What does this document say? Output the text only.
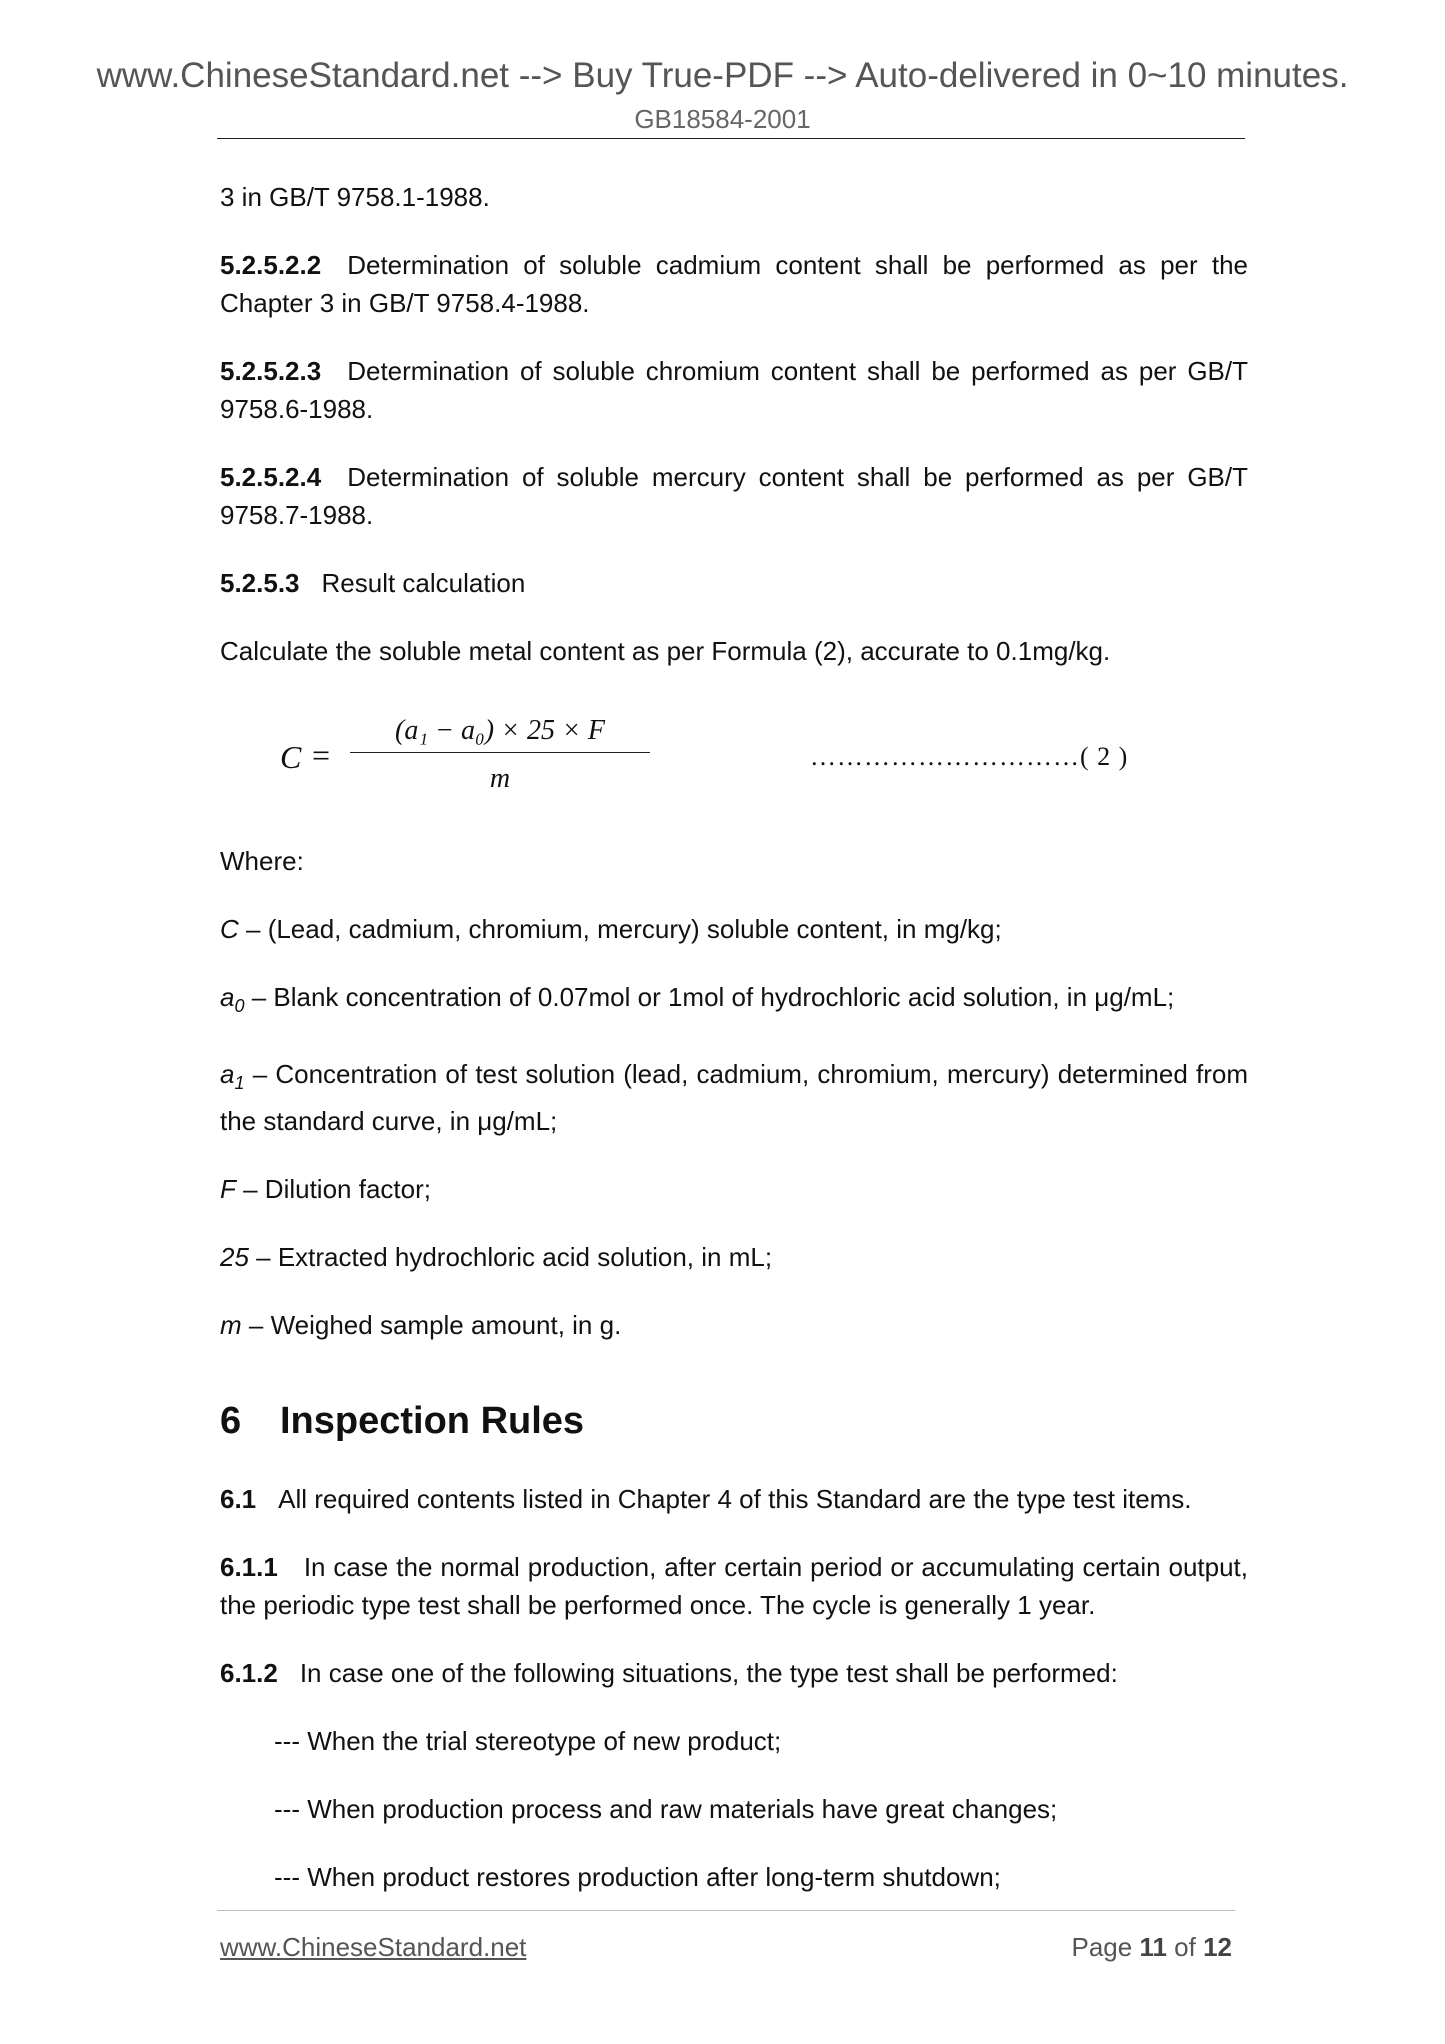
www.ChineseStandard.net --> Buy True-PDF --> Auto-delivered in 0~10 minutes.
GB18584-2001

3 in GB/T 9758.1-1988.

5.2.5.2.2 Determination of soluble cadmium content shall be performed as per the Chapter 3 in GB/T 9758.4-1988.

5.2.5.2.3 Determination of soluble chromium content shall be performed as per GB/T 9758.6-1988.

5.2.5.2.4 Determination of soluble mercury content shall be performed as per GB/T 9758.7-1988.

5.2.5.3 Result calculation

Calculate the soluble metal content as per Formula (2), accurate to 0.1mg/kg.

C =
(a₁ − a₀) × 25 × F
m
…………………………( 2 )

Where:

C – (Lead, cadmium, chromium, mercury) soluble content, in mg/kg;

$a_0$ – Blank concentration of 0.07mol or 1mol of hydrochloric acid solution, in μg/mL;

$a_1$ – Concentration of test solution (lead, cadmium, chromium, mercury) determined from the standard curve, in μg/mL;

F – Dilution factor;

25 – Extracted hydrochloric acid solution, in mL;

m – Weighed sample amount, in g.

6 Inspection Rules

6.1 All required contents listed in Chapter 4 of this Standard are the type test items.

6.1.1 In case the normal production, after certain period or accumulating certain output, the periodic type test shall be performed once. The cycle is generally 1 year.

6.1.2 In case one of the following situations, the type test shall be performed:

--- When the trial stereotype of new product;

--- When production process and raw materials have great changes;

--- When product restores production after long-term shutdown;

www.ChineseStandard.net	Page 11 of 12
